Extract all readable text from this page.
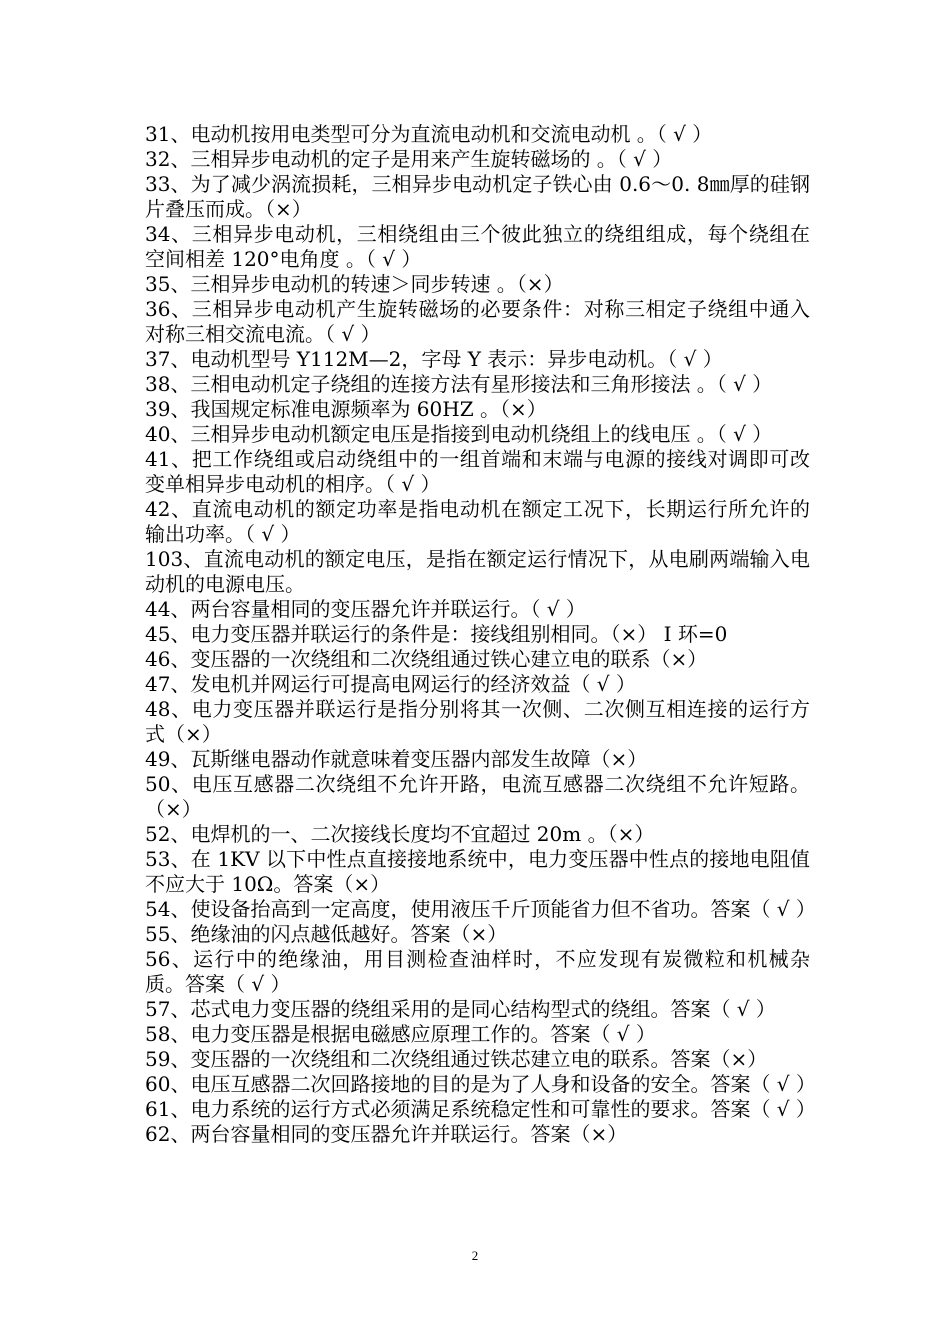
31、电动机按用电类型可分为直流电动机和交流电动机 。（ √ ）
32、三相异步电动机的定子是用来产生旋转磁场的 。（ √ ）
33、为了减少涡流损耗，三相异步电动机定子铁心由 0.6～0. 8㎜厚的硅钢片叠压而成。（×）
34、三相异步电动机，三相绕组由三个彼此独立的绕组组成，每个绕组在空间相差 120°电角度 。（ √ ）
35、三相异步电动机的转速＞同步转速 。（×）
36、三相异步电动机产生旋转磁场的必要条件：对称三相定子绕组中通入对称三相交流电流。（ √ ）
37、电动机型号 Y112M—2，字母 Y 表示：异步电动机。（ √ ）
38、三相电动机定子绕组的连接方法有星形接法和三角形接法 。（ √ ）
39、我国规定标准电源频率为 60HZ 。（×）
40、三相异步电动机额定电压是指接到电动机绕组上的线电压 。（ √ ）
41、把工作绕组或启动绕组中的一组首端和末端与电源的接线对调即可改变单相异步电动机的相序。（ √ ）
42、直流电动机的额定功率是指电动机在额定工况下，长期运行所允许的输出功率。（ √ ）
103、直流电动机的额定电压，是指在额定运行情况下，从电刷两端输入电动机的电源电压。
44、两台容量相同的变压器允许并联运行。（ √ ）
45、电力变压器并联运行的条件是：接线组别相同。（×） I 环=0
46、变压器的一次绕组和二次绕组通过铁心建立电的联系（×）
47、发电机并网运行可提高电网运行的经济效益（ √ ）
48、电力变压器并联运行是指分别将其一次侧、二次侧互相连接的运行方式（×）
49、瓦斯继电器动作就意味着变压器内部发生故障（×）
50、电压互感器二次绕组不允许开路，电流互感器二次绕组不允许短路。（×）
52、电焊机的一、二次接线长度均不宜超过 20m 。（×）
53、在 1KV 以下中性点直接接地系统中，电力变压器中性点的接地电阻值不应大于 10Ω。答案（×）
54、使设备抬高到一定高度，使用液压千斤顶能省力但不省功。答案（ √ ）
55、绝缘油的闪点越低越好。答案（×）
56、运行中的绝缘油，用目测检查油样时，不应发现有炭微粒和机械杂质。答案（ √ ）
57、芯式电力变压器的绕组采用的是同心结构型式的绕组。答案（ √ ）
58、电力变压器是根据电磁感应原理工作的。答案（ √ ）
59、变压器的一次绕组和二次绕组通过铁芯建立电的联系。答案（×）
60、电压互感器二次回路接地的目的是为了人身和设备的安全。答案（ √ ）
61、电力系统的运行方式必须满足系统稳定性和可靠性的要求。答案（ √ ）
62、两台容量相同的变压器允许并联运行。答案（×）
2
